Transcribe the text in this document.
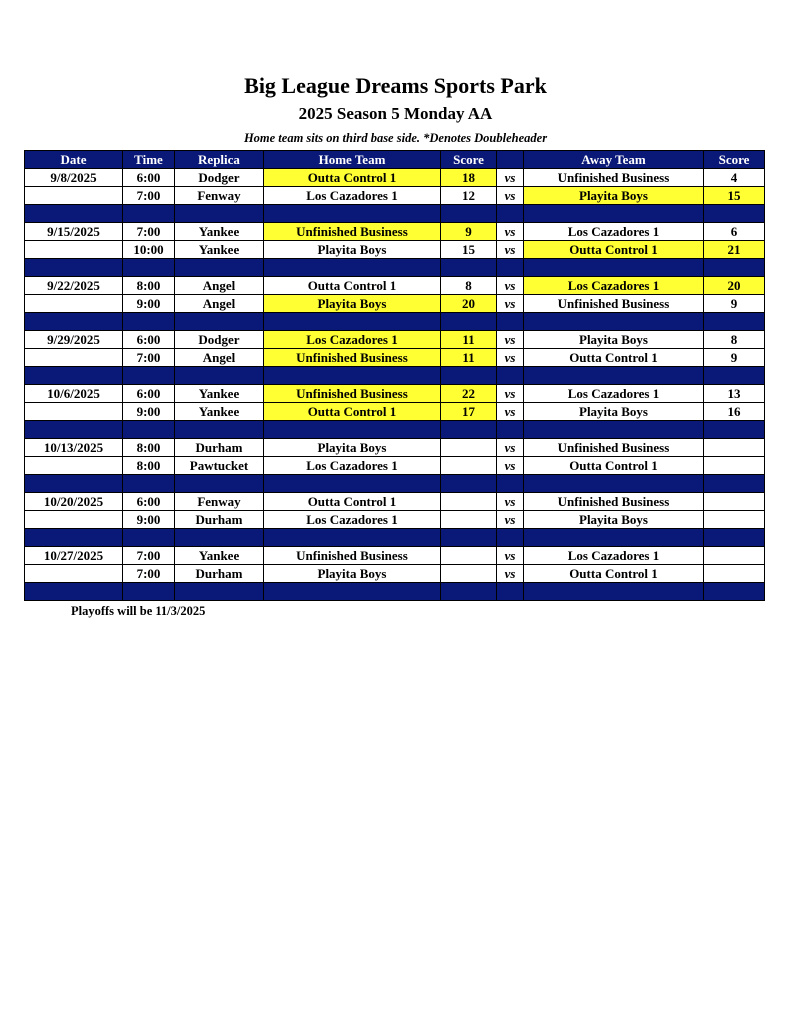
Big League Dreams Sports Park
2025 Season 5 Monday AA
Home team sits on third base side. *Denotes Doubleheader
Date	Time	Replica	Home Team	Score		Away Team	Score
9/8/2025	6:00	Dodger	Outta Control 1	18	vs	Unfinished Business	4
	7:00	Fenway	Los Cazadores 1	12	vs	Playita Boys	15

9/15/2025	7:00	Yankee	Unfinished Business	9	vs	Los Cazadores 1	6
	10:00	Yankee	Playita Boys	15	vs	Outta Control 1	21

9/22/2025	8:00	Angel	Outta Control 1	8	vs	Los Cazadores 1	20
	9:00	Angel	Playita Boys	20	vs	Unfinished Business	9

9/29/2025	6:00	Dodger	Los Cazadores 1	11	vs	Playita Boys	8
	7:00	Angel	Unfinished Business	11	vs	Outta Control 1	9

10/6/2025	6:00	Yankee	Unfinished Business	22	vs	Los Cazadores 1	13
	9:00	Yankee	Outta Control 1	17	vs	Playita Boys	16

10/13/2025	8:00	Durham	Playita Boys		vs	Unfinished Business	
	8:00	Pawtucket	Los Cazadores 1		vs	Outta Control 1	

10/20/2025	6:00	Fenway	Outta Control 1		vs	Unfinished Business	
	9:00	Durham	Los Cazadores 1		vs	Playita Boys	

10/27/2025	7:00	Yankee	Unfinished Business		vs	Los Cazadores 1	
	7:00	Durham	Playita Boys		vs	Outta Control 1	

Playoffs will be 11/3/2025
